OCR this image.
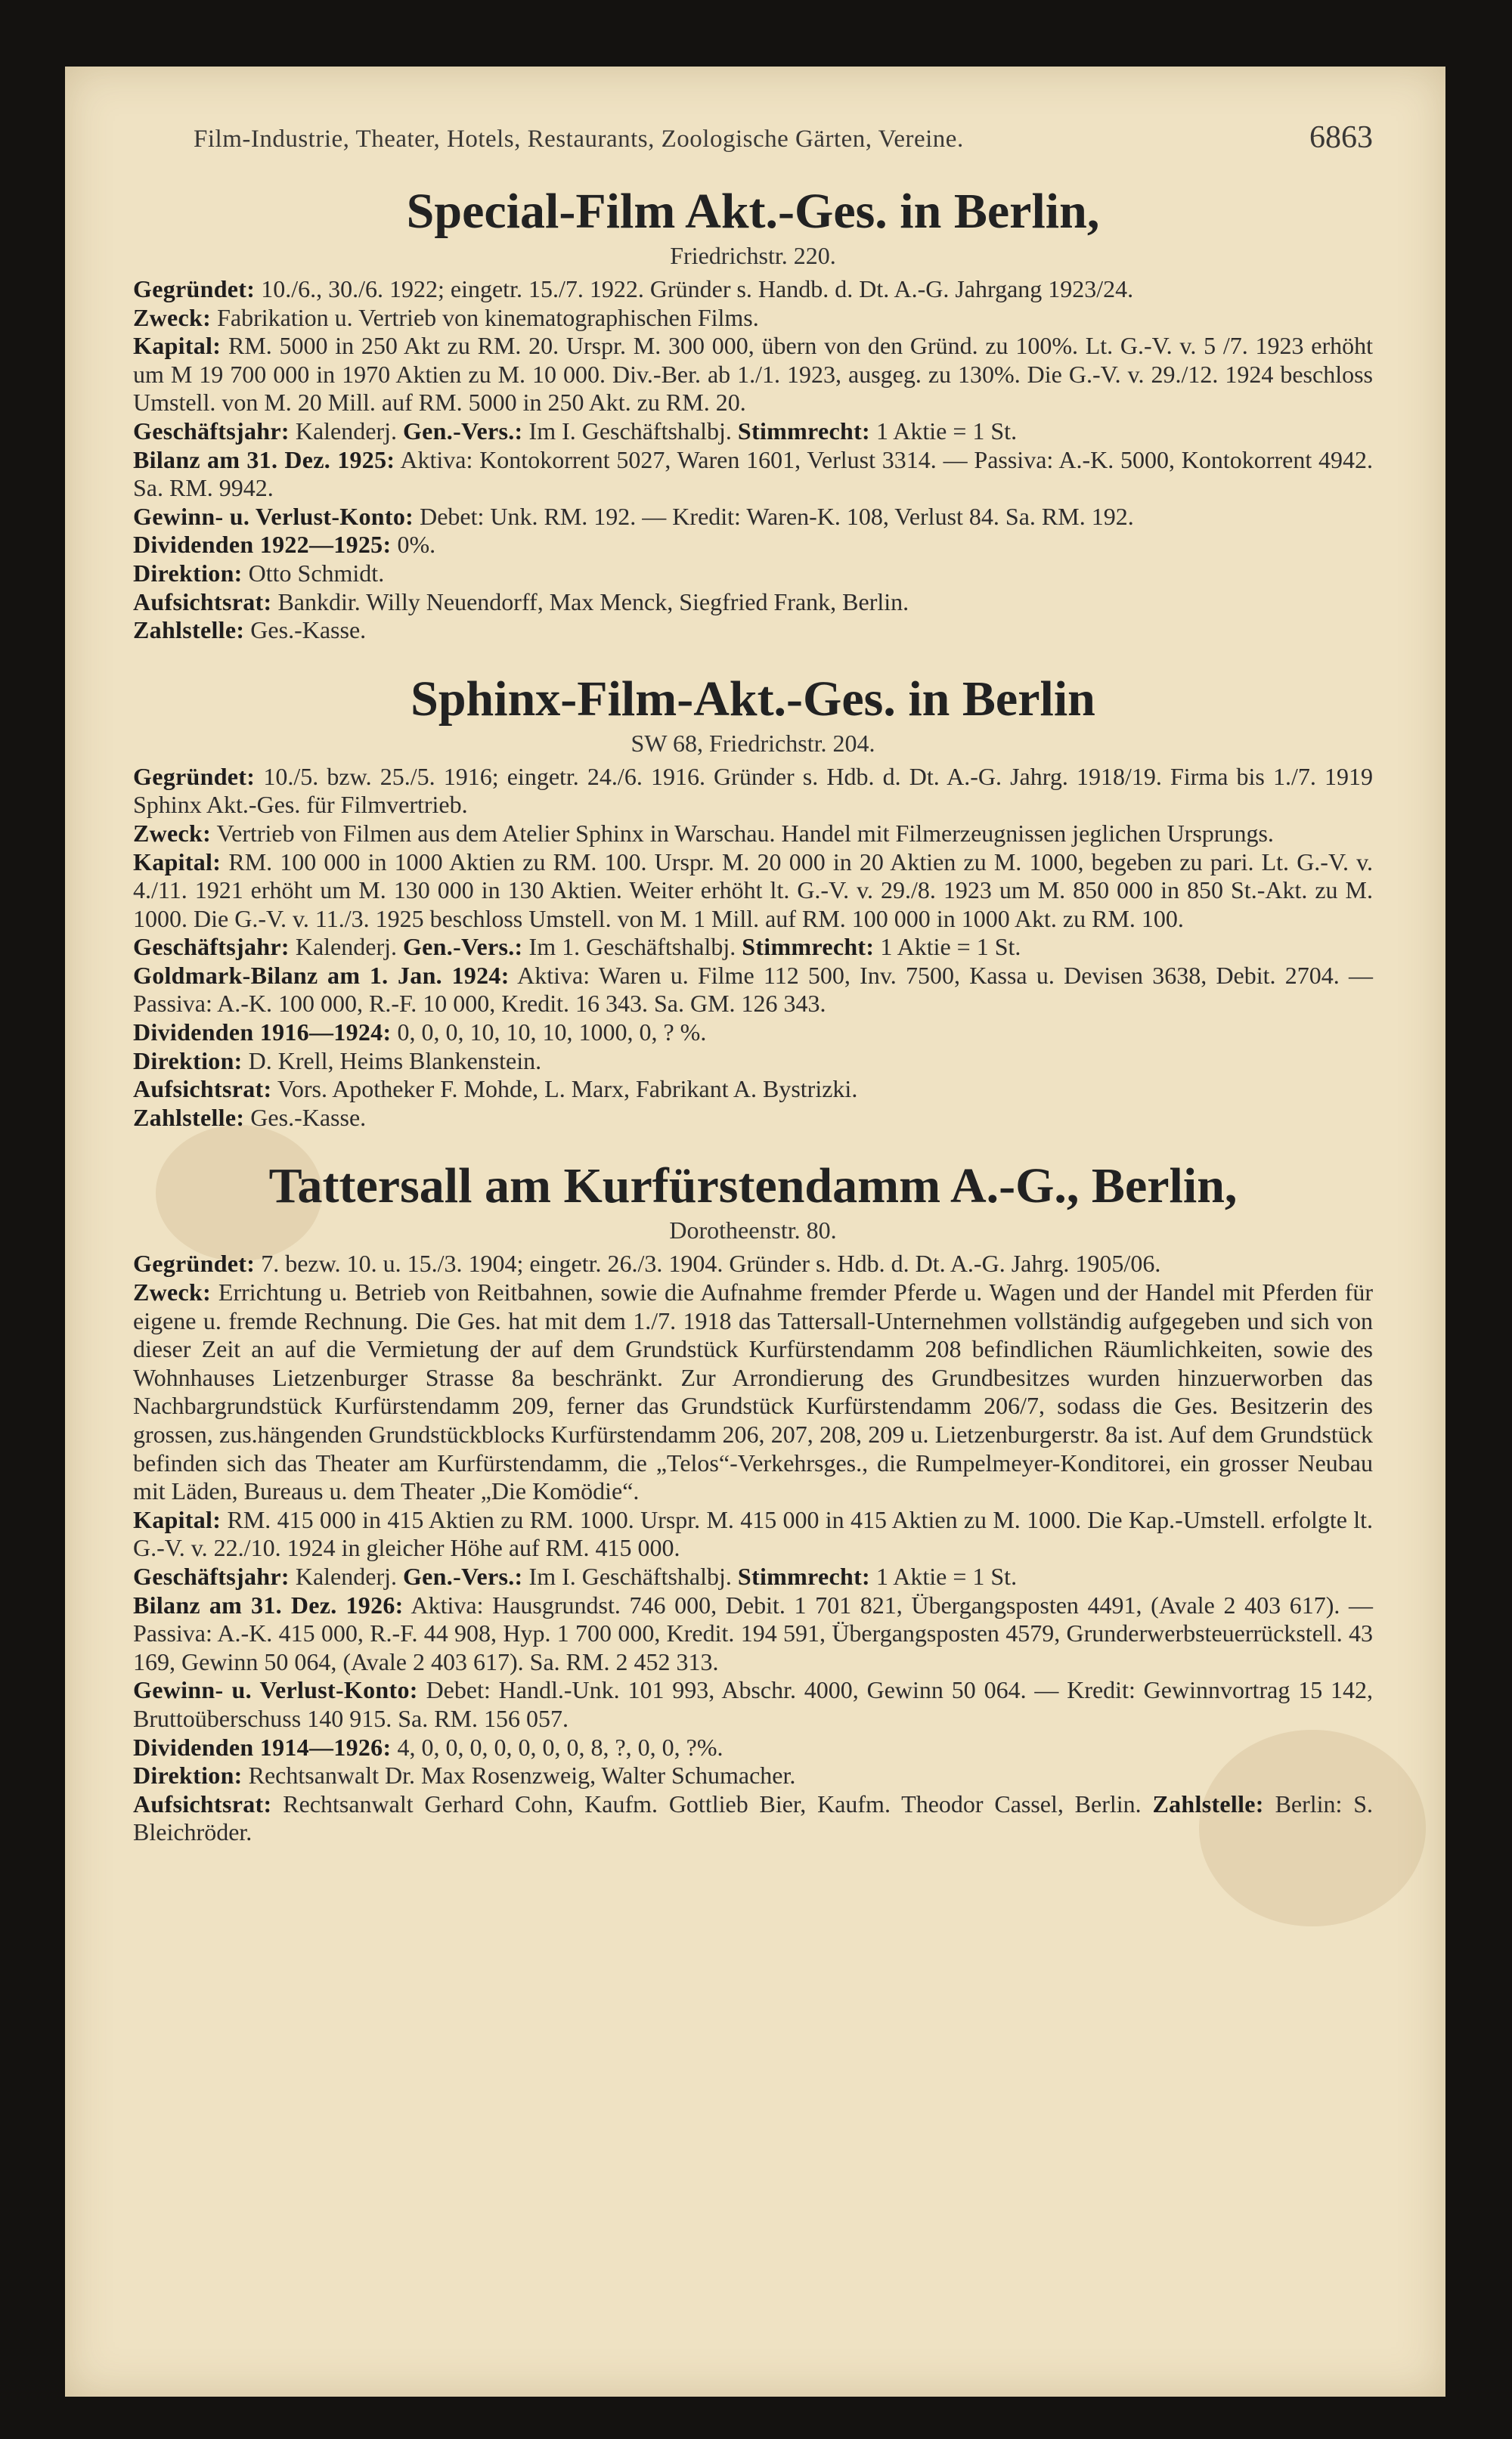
Film-Industrie, Theater, Hotels, Restaurants, Zoologische Gärten, Vereine.	6863
Special-Film Akt.-Ges. in Berlin,
Friedrichstr. 220.

Gegründet: 10./6., 30./6. 1922; eingetr. 15./7. 1922. Gründer s. Handb. d. Dt. A.-G. Jahrgang 1923/24.

Zweck: Fabrikation u. Vertrieb von kinematographischen Films.

Kapital: RM. 5000 in 250 Akt zu RM. 20. Urspr. M. 300 000, übern von den Gründ. zu 100%. Lt. G.-V. v. 5 /7. 1923 erhöht um M 19 700 000 in 1970 Aktien zu M. 10 000. Div.-Ber. ab 1./1. 1923, ausgeg. zu 130%. Die G.-V. v. 29./12. 1924 beschloss Umstell. von M. 20 Mill. auf RM. 5000 in 250 Akt. zu RM. 20.

Geschäftsjahr: Kalenderj. Gen.-Vers.: Im I. Geschäftshalbj. Stimmrecht: 1 Aktie = 1 St.

Bilanz am 31. Dez. 1925: Aktiva: Kontokorrent 5027, Waren 1601, Verlust 3314. — Passiva: A.-K. 5000, Kontokorrent 4942. Sa. RM. 9942.

Gewinn- u. Verlust-Konto: Debet: Unk. RM. 192. — Kredit: Waren-K. 108, Verlust 84. Sa. RM. 192.

Dividenden 1922—1925: 0%.

Direktion: Otto Schmidt.

Aufsichtsrat: Bankdir. Willy Neuendorff, Max Menck, Siegfried Frank, Berlin.

Zahlstelle: Ges.-Kasse.

Sphinx-Film-Akt.-Ges. in Berlin
SW 68, Friedrichstr. 204.

Gegründet: 10./5. bzw. 25./5. 1916; eingetr. 24./6. 1916. Gründer s. Hdb. d. Dt. A.-G. Jahrg. 1918/19. Firma bis 1./7. 1919 Sphinx Akt.-Ges. für Filmvertrieb.

Zweck: Vertrieb von Filmen aus dem Atelier Sphinx in Warschau. Handel mit Filmerzeugnissen jeglichen Ursprungs.

Kapital: RM. 100 000 in 1000 Aktien zu RM. 100. Urspr. M. 20 000 in 20 Aktien zu M. 1000, begeben zu pari. Lt. G.-V. v. 4./11. 1921 erhöht um M. 130 000 in 130 Aktien. Weiter erhöht lt. G.-V. v. 29./8. 1923 um M. 850 000 in 850 St.-Akt. zu M. 1000. Die G.-V. v. 11./3. 1925 beschloss Umstell. von M. 1 Mill. auf RM. 100 000 in 1000 Akt. zu RM. 100.

Geschäftsjahr: Kalenderj. Gen.-Vers.: Im 1. Geschäftshalbj. Stimmrecht: 1 Aktie = 1 St.

Goldmark-Bilanz am 1. Jan. 1924: Aktiva: Waren u. Filme 112 500, Inv. 7500, Kassa u. Devisen 3638, Debit. 2704. — Passiva: A.-K. 100 000, R.-F. 10 000, Kredit. 16 343. Sa. GM. 126 343.

Dividenden 1916—1924: 0, 0, 0, 10, 10, 10, 1000, 0, ? %.

Direktion: D. Krell, Heims Blankenstein.

Aufsichtsrat: Vors. Apotheker F. Mohde, L. Marx, Fabrikant A. Bystrizki.

Zahlstelle: Ges.-Kasse.

Tattersall am Kurfürstendamm A.-G., Berlin,
Dorotheenstr. 80.

Gegründet: 7. bezw. 10. u. 15./3. 1904; eingetr. 26./3. 1904. Gründer s. Hdb. d. Dt. A.-G. Jahrg. 1905/06.

Zweck: Errichtung u. Betrieb von Reitbahnen, sowie die Aufnahme fremder Pferde u. Wagen und der Handel mit Pferden für eigene u. fremde Rechnung. Die Ges. hat mit dem 1./7. 1918 das Tattersall-Unternehmen vollständig aufgegeben und sich von dieser Zeit an auf die Vermietung der auf dem Grundstück Kurfürstendamm 208 befindlichen Räumlichkeiten, sowie des Wohnhauses Lietzenburger Strasse 8a beschränkt. Zur Arrondierung des Grundbesitzes wurden hinzuerworben das Nachbargrundstück Kurfürstendamm 209, ferner das Grundstück Kurfürstendamm 206/7, sodass die Ges. Besitzerin des grossen, zus.hängenden Grundstückblocks Kurfürstendamm 206, 207, 208, 209 u. Lietzenburgerstr. 8a ist. Auf dem Grundstück befinden sich das Theater am Kurfürstendamm, die „Telos“-Verkehrsges., die Rumpelmeyer-Konditorei, ein grosser Neubau mit Läden, Bureaus u. dem Theater „Die Komödie“.

Kapital: RM. 415 000 in 415 Aktien zu RM. 1000. Urspr. M. 415 000 in 415 Aktien zu M. 1000. Die Kap.-Umstell. erfolgte lt. G.-V. v. 22./10. 1924 in gleicher Höhe auf RM. 415 000.

Geschäftsjahr: Kalenderj. Gen.-Vers.: Im I. Geschäftshalbj. Stimmrecht: 1 Aktie = 1 St.

Bilanz am 31. Dez. 1926: Aktiva: Hausgrundst. 746 000, Debit. 1 701 821, Übergangsposten 4491, (Avale 2 403 617). — Passiva: A.-K. 415 000, R.-F. 44 908, Hyp. 1 700 000, Kredit. 194 591, Übergangsposten 4579, Grunderwerbsteuerrückstell. 43 169, Gewinn 50 064, (Avale 2 403 617). Sa. RM. 2 452 313.

Gewinn- u. Verlust-Konto: Debet: Handl.-Unk. 101 993, Abschr. 4000, Gewinn 50 064. — Kredit: Gewinnvortrag 15 142, Bruttoüberschuss 140 915. Sa. RM. 156 057.

Dividenden 1914—1926: 4, 0, 0, 0, 0, 0, 0, 0, 8, ?, 0, 0, ?%.

Direktion: Rechtsanwalt Dr. Max Rosenzweig, Walter Schumacher.

Aufsichtsrat: Rechtsanwalt Gerhard Cohn, Kaufm. Gottlieb Bier, Kaufm. Theodor Cassel, Berlin. Zahlstelle: Berlin: S. Bleichröder.
